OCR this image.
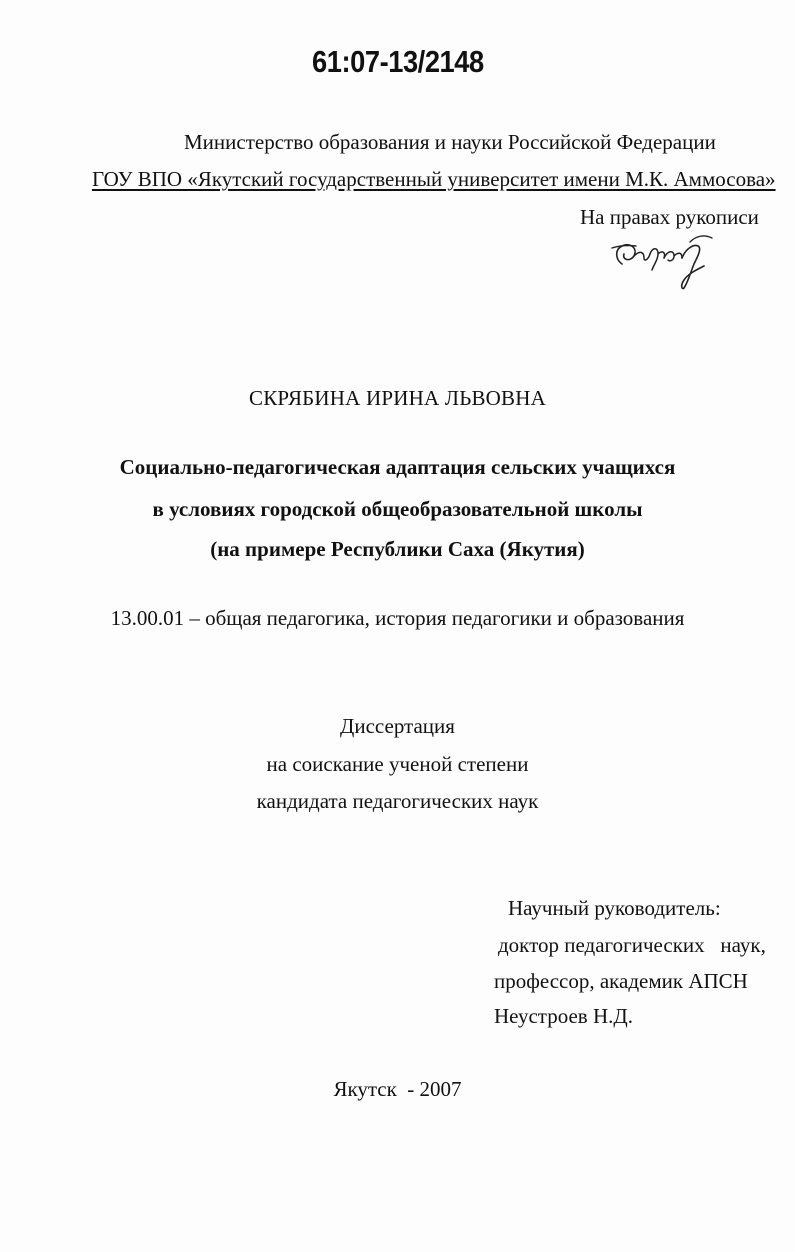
61:07-13/2148
Министерство образования и науки Российской Федерации
ГОУ ВПО «Якутский государственный университет имени М.К. Аммосова»
На правах рукописи
СКРЯБИНА ИРИНА ЛЬВОВНА
Социально-педагогическая адаптация сельских учащихся
в условиях городской общеобразовательной школы
(на примере Республики Саха (Якутия)
13.00.01 – общая педагогика, история педагогики и образования
Диссертация
на соискание ученой степени
кандидата педагогических наук
Научный руководитель:
доктор педагогических   наук,
профессор, академик АПСН
Неустроев Н.Д.
Якутск  - 2007
